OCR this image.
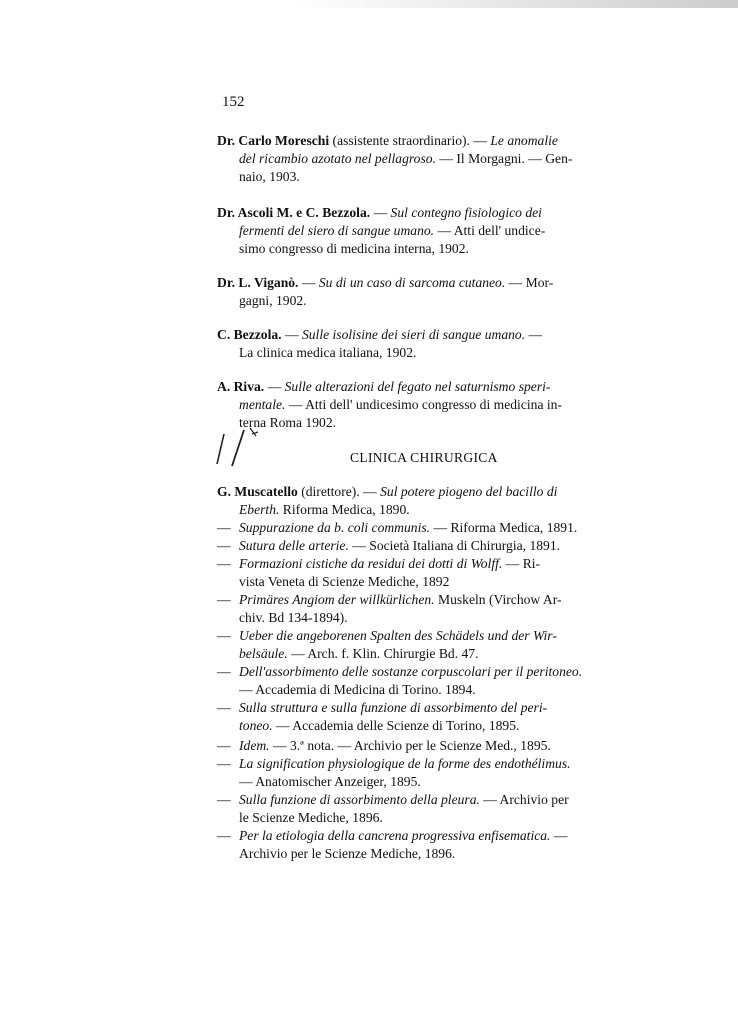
152
Dr. Carlo Moreschi (assistente straordinario). — Le anomalie
del ricambio azotato nel pellagroso. — Il Morgagni. — Gen-
naio, 1903.
Dr. Ascoli M. e C. Bezzola. — Sul contegno fisiologico dei
fermenti del siero di sangue umano. — Atti dell' undice-
simo congresso di medicina interna, 1902.
Dr. L. Viganò. — Su di un caso di sarcoma cutaneo. — Mor-
gagni, 1902.
C. Bezzola. — Sulle isolisine dei sieri di sangue umano. —
La clinica medica italiana, 1902.
A. Riva. — Sulle alterazioni del fegato nel saturnismo speri-
mentale. — Atti dell' undicesimo congresso di medicina in-
terna Roma 1902.
CLINICA CHIRURGICA
G. Muscatello (direttore). — Sul potere piogeno del bacillo di
Eberth. Riforma Medica, 1890.
— Suppurazione da b. coli communis. — Riforma Medica, 1891.
— Sutura delle arterie. — Società Italiana di Chirurgia, 1891.
— Formazioni cistiche da residui dei dotti di Wolff. — Ri-
vista Veneta di Scienze Mediche, 1892
— Primäres Angiom der willkürlichen. Muskeln (Virchow Ar-
chiv. Bd 134-1894).
— Ueber die angeborenen Spalten des Schädels und der Wir-
belsäule. — Arch. f. Klin. Chirurgie Bd. 47.
— Dell'assorbimento delle sostanze corpuscolari per il peritoneo.
— Accademia di Medicina di Torino. 1894.
— Sulla struttura e sulla funzione di assorbimento del peri-
toneo. — Accademia delle Scienze di Torino, 1895.
— Idem. — 3.ª nota. — Archivio per le Scienze Med., 1895.
— La signification physiologique de la forme des endothélimus.
— Anatomischer Anzeiger, 1895.
— Sulla funzione di assorbimento della pleura. — Archivio per
le Scienze Mediche, 1896.
— Per la etiologia della cancrena progressiva enfisematica. —
Archivio per le Scienze Mediche, 1896.
